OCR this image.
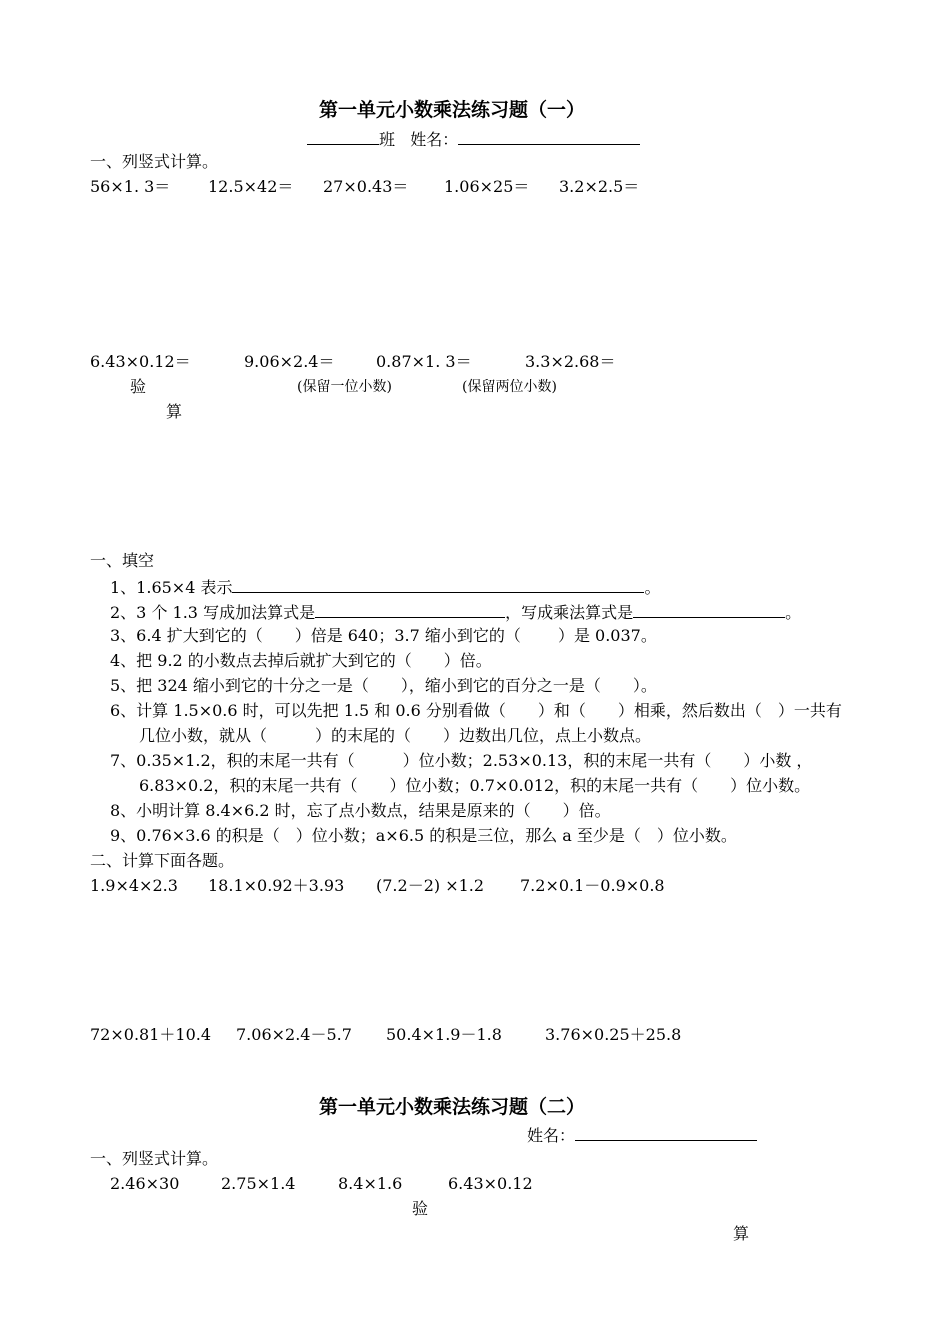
第一单元小数乘法练习题（一）
班 姓名：
一、列竖式计算。
56×1. 3＝ 12.5×42＝ 27×0.43＝ 1.06×25＝ 3.2×2.5＝
6.43×0.12＝	9.06×2.4＝	0.87×1. 3＝	3.3×2.68＝
验	(保留一位小数)	(保留两位小数)
算
一、填空
1、1.65×4 表示	。
2、3 个 1.3 写成加法算式是	，写成乘法算式是	。
3、6.4 扩大到它的（　　）倍是 640；3.7 缩小到它的（　　 ）是 0.037。
4、把 9.2 的小数点去掉后就扩大到它的（　　）倍。
5、把 324 缩小到它的十分之一是（　　），缩小到它的百分之一是（　　）。
6、计算 1.5×0.6 时，可以先把 1.5 和 0.6 分别看做（　　）和（　　）相乘，然后数出（　）一共有
几位小数，就从（　　　）的末尾的（　　）边数出几位，点上小数点。
7、0.35×1.2，积的末尾一共有（　　　）位小数；2.53×0.13，积的末尾一共有（　　）小数 ，
6.83×0.2，积的末尾一共有（　　）位小数；0.7×0.012，积的末尾一共有（　　）位小数。
8、小明计算 8.4×6.2 时，忘了点小数点，结果是原来的（　　）倍。
9、0.76×3.6 的积是（　）位小数；a×6.5 的积是三位，那么 a 至少是（　）位小数。
二、计算下面各题。
1.9×4×2.3 18.1×0.92＋3.93 (7.2－2) ×1.2 7.2×0.1－0.9×0.8
72×0.81＋10.4 7.06×2.4－5.7 50.4×1.9－1.8	3.76×0.25＋25.8
第一单元小数乘法练习题（二）
姓名：
一、列竖式计算。
2.46×30	2.75×1.4	8.4×1.6	6.43×0.12
验
算
